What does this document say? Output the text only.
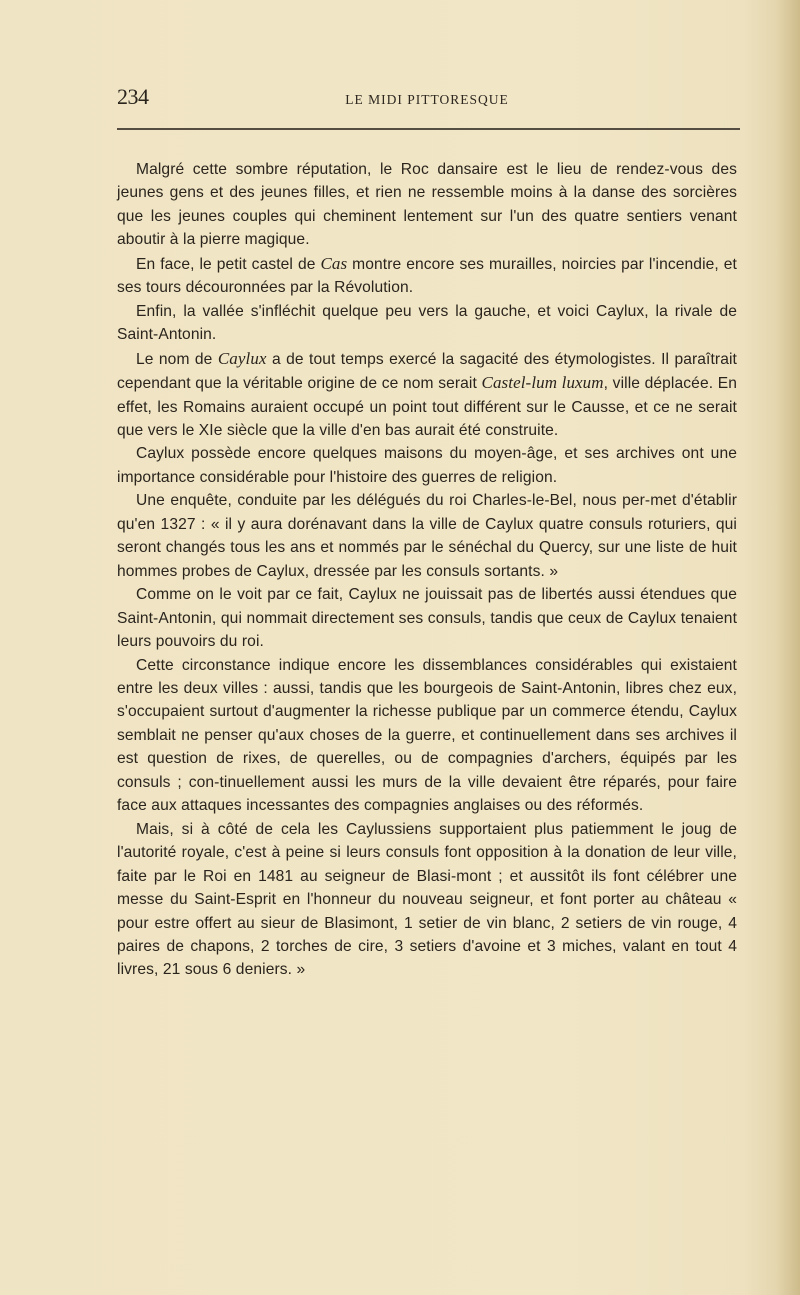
234	LE MIDI PITTORESQUE

Malgré cette sombre réputation, le Roc dansaire est le lieu de rendez-vous des jeunes gens et des jeunes filles, et rien ne ressemble moins à la danse des sorcières que les jeunes couples qui cheminent lentement sur l'un des quatre sentiers venant aboutir à la pierre magique.

En face, le petit castel de Cas montre encore ses murailles, noircies par l'incendie, et ses tours découronnées par la Révolution.

Enfin, la vallée s'infléchit quelque peu vers la gauche, et voici Caylux, la rivale de Saint-Antonin.

Le nom de Caylux a de tout temps exercé la sagacité des étymologistes. Il paraîtrait cependant que la véritable origine de ce nom serait Castel-lum luxum, ville déplacée. En effet, les Romains auraient occupé un point tout différent sur le Causse, et ce ne serait que vers le XIe siècle que la ville d'en bas aurait été construite.

Caylux possède encore quelques maisons du moyen-âge, et ses archives ont une importance considérable pour l'histoire des guerres de religion.

Une enquête, conduite par les délégués du roi Charles-le-Bel, nous per-met d'établir qu'en 1327 : « il y aura dorénavant dans la ville de Caylux quatre consuls roturiers, qui seront changés tous les ans et nommés par le sénéchal du Quercy, sur une liste de huit hommes probes de Caylux, dressée par les consuls sortants. »

Comme on le voit par ce fait, Caylux ne jouissait pas de libertés aussi étendues que Saint-Antonin, qui nommait directement ses consuls, tandis que ceux de Caylux tenaient leurs pouvoirs du roi.

Cette circonstance indique encore les dissemblances considérables qui existaient entre les deux villes : aussi, tandis que les bourgeois de Saint-Antonin, libres chez eux, s'occupaient surtout d'augmenter la richesse publique par un commerce étendu, Caylux semblait ne penser qu'aux choses de la guerre, et continuellement dans ses archives il est question de rixes, de querelles, ou de compagnies d'archers, équipés par les consuls ; con-tinuellement aussi les murs de la ville devaient être réparés, pour faire face aux attaques incessantes des compagnies anglaises ou des réformés.

Mais, si à côté de cela les Caylussiens supportaient plus patiemment le joug de l'autorité royale, c'est à peine si leurs consuls font opposition à la donation de leur ville, faite par le Roi en 1481 au seigneur de Blasi-mont ; et aussitôt ils font célébrer une messe du Saint-Esprit en l'honneur du nouveau seigneur, et font porter au château « pour estre offert au sieur de Blasimont, 1 setier de vin blanc, 2 setiers de vin rouge, 4 paires de chapons, 2 torches de cire, 3 setiers d'avoine et 3 miches, valant en tout 4 livres, 21 sous 6 deniers. »
